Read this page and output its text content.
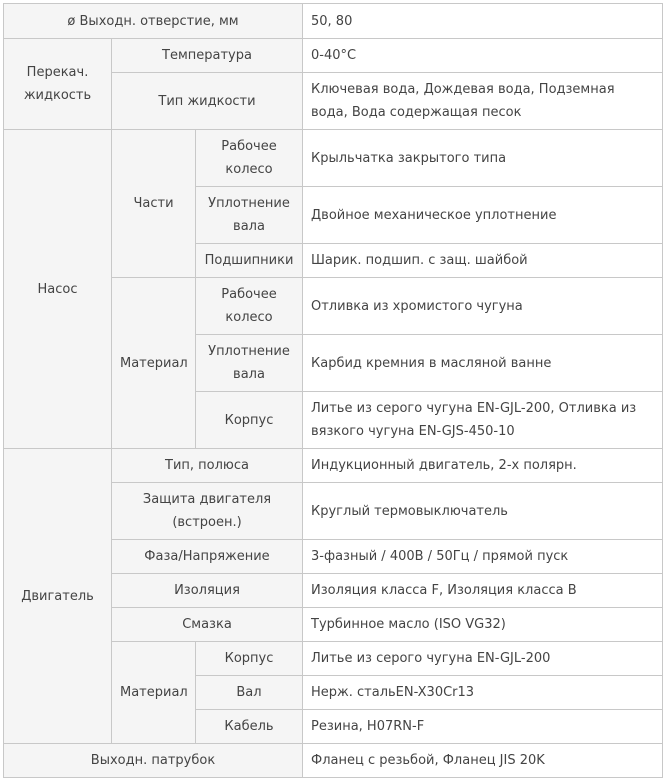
ø Выходн. отверстие, мм			50, 80
Перекач. жидкость	Температура		0-40°C
	Тип жидкости		Ключевая вода, Дождевая вода, Подземная вода, Вода содержащая песок
Насос	Части	Рабочее колесо	Крыльчатка закрытого типа
		Уплотнение вала	Двойное механическое уплотнение
		Подшипники	Шарик. подшип. с защ. шайбой
	Материал	Рабочее колесо	Отливка из хромистого чугуна
		Уплотнение вала	Карбид кремния в масляной ванне
		Корпус	Литье из серого чугуна EN-GJL-200, Отливка из вязкого чугуна EN-GJS-450-10
Двигатель	Тип, полюса		Индукционный двигатель, 2-х полярн.
	Защита двигателя (встроен.)		Круглый термовыключатель
	Фаза/Напряжение		3-фазный / 400В / 50Гц / прямой пуск
	Изоляция		Изоляция класса F, Изоляция класса B
	Смазка		Турбинное масло (ISO VG32)
	Материал	Корпус	Литье из серого чугуна EN-GJL-200
		Вал	Нерж. стальEN-X30Cr13
		Кабель	Резина, H07RN-F
Выходн. патрубок			Фланец с резьбой, Фланец JIS 20K
